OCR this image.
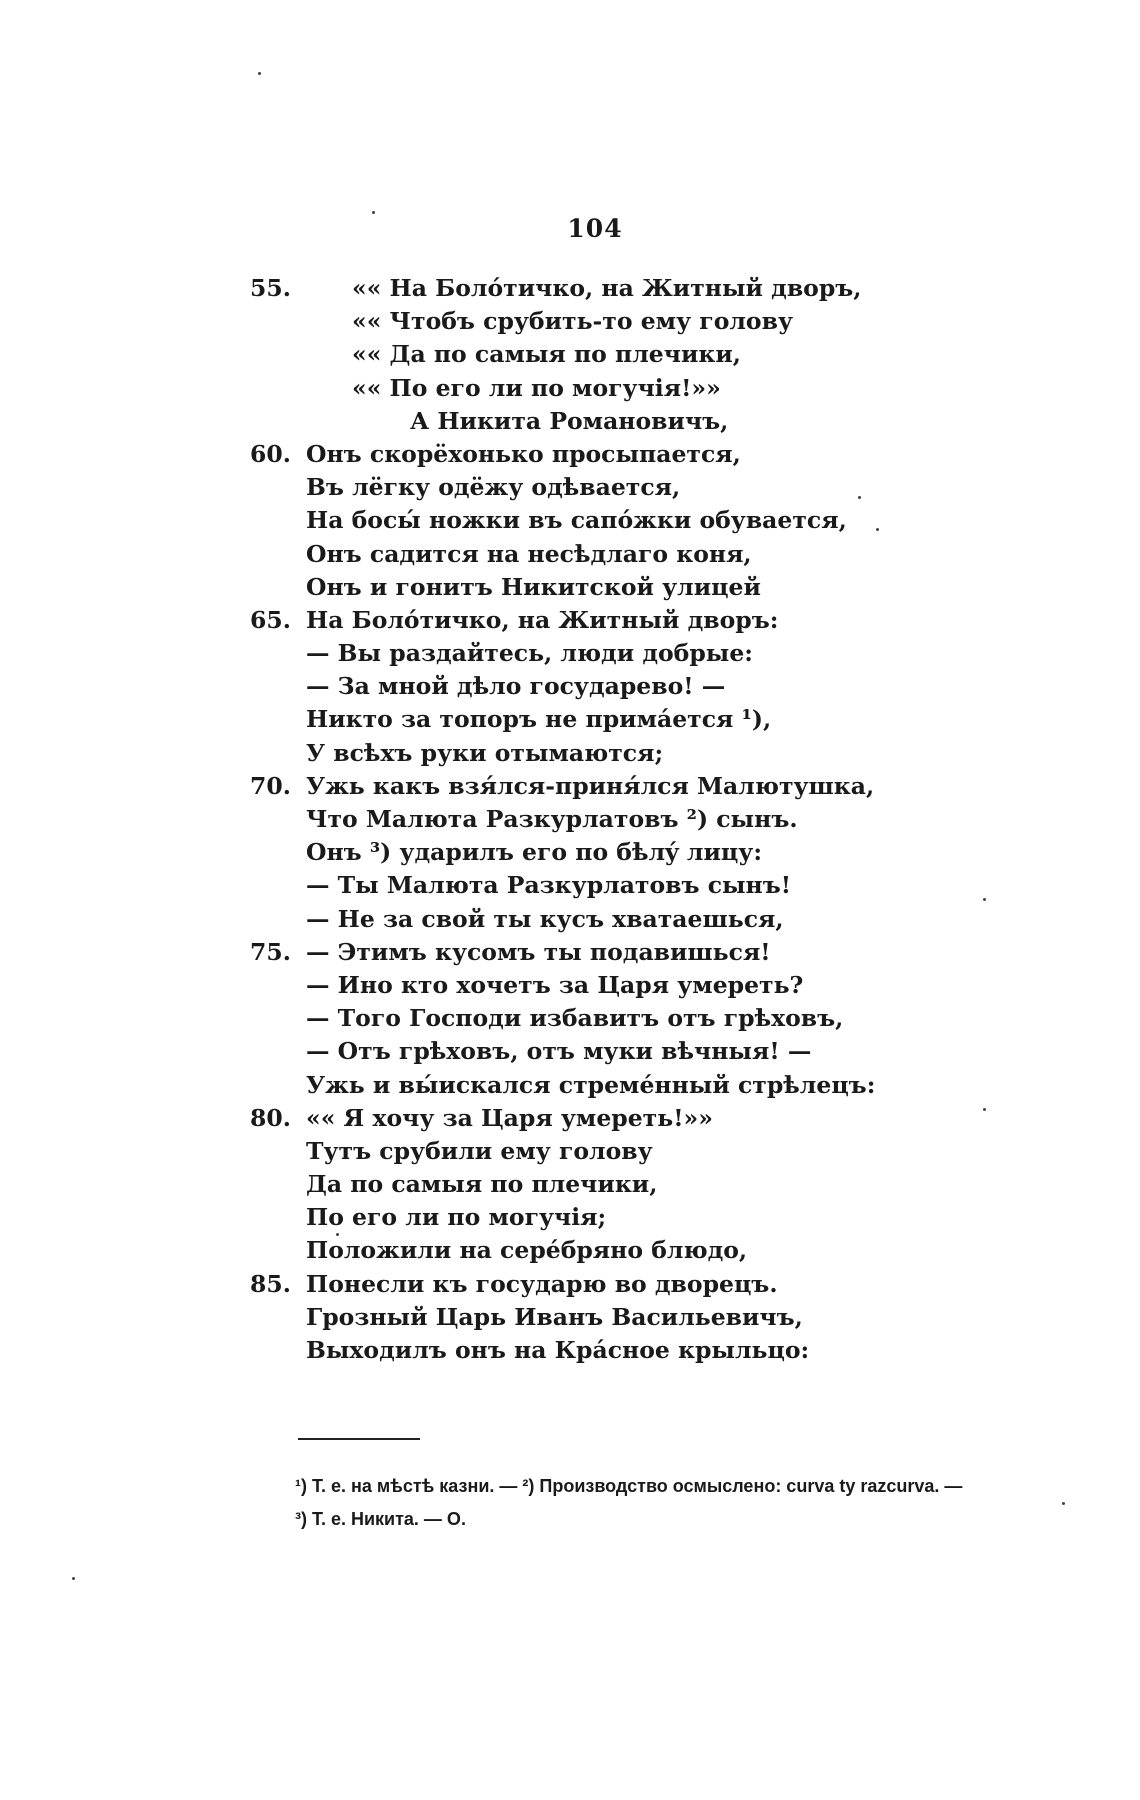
104
55.	«« На Болóтичко, на Житный дворъ,
«« Чтобъ срубить-то ему голову
«« Да по самыя по плечики,
«« По его ли по могучія!»»
А Никита Романовичъ,
60. Онъ скорёхонько просыпается,
Въ лёгку одёжу одѣвается,
На босы́ ножки въ сапóжки обувается,
Онъ садится на несѣдлаго коня,
Онъ и гонитъ Никитской улицей
65. На Болóтичко, на Житный дворъ:
— Вы раздайтесь, люди добрые:
— За мной дѣло государево! —
Никто за топоръ не примáется ¹),
У всѣхъ руки отымаются;
70. Ужь какъ взя́лся-приня́лся Малютушка,
Что Малюта Разкурлатовъ ²) сынъ.
Онъ ³) ударилъ его по бѣлý лицу:
— Ты Малюта Разкурлатовъ сынъ!
— Не за свой ты кусъ хватаешься,
75. — Этимъ кусомъ ты подавишься!
— Ино кто хочетъ за Царя умереть?
— Того Господи избавитъ отъ грѣховъ,
— Отъ грѣховъ, отъ муки вѣчныя! —
Ужь и вы́искался стремéнный стрѣлецъ:
80. «« Я хочу за Царя умереть!»»
Тутъ срубили ему голову
Да по самыя по плечики,
По его ли по могучія;
Положили на серéбряно блюдо,
85. Понесли къ государю во дворецъ.
Грозный Царь Иванъ Васильевичъ,
Выходилъ онъ на Крáсное крыльцо:
¹) Т. е. на мѣстѣ казни. — ²) Производство осмыслено: curva ty razcurva. —
³) Т. е. Никита. — О.
